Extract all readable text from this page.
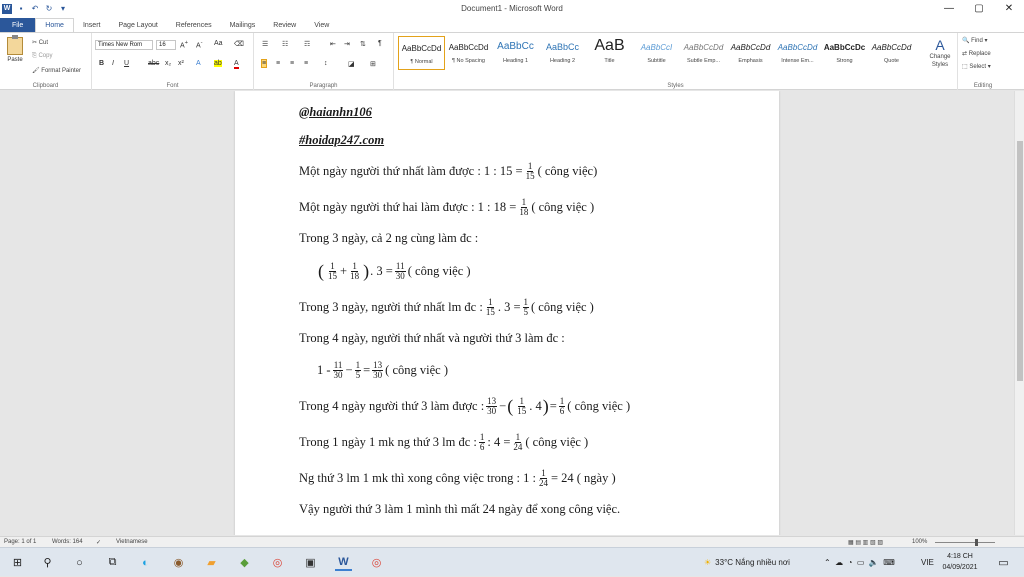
W	▪	↶ ↻	▾	Document1 - Microsoft Word	—	▢	✕
File	Home	Insert	Page Layout	References	Mailings	Review	View
Paste
✂ Cut
⎘ Copy
🖌 Format Painter
Clipboard
Times New Rom	16	A+ A- Aa ⌫
B I U	abc x₂ x² A ab A
Font
☰ ☷ ☶	⇤ ⇥ ⇅ ¶
≡ ≡ ≡ ≡ ↕	◪ ⊞
Paragraph	Styles
AaBbCcDd
¶ Normal
AaBbCcDd
¶ No Spacing
AaBbCc
Heading 1
AaBbCc
Heading 2
AaB
Title
AaBbCcI
Subtitle
AaBbCcDd
Subtle Emp...
AaBbCcDd
Emphasis
AaBbCcDd
Intense Em...
AaBbCcDc
Strong
AaBbCcDd
Quote
A
Change Styles
🔍 Find ▾
⇄ Replace
⬚ Select ▾
Editing
@haianhn106
#hoidap247.com
Một ngày người thứ nhất làm được : 1 : $15 = \frac{1}{15}$ ( công việc)
Một ngày người thứ hai làm được : 1 : $18 = \frac{1}{18}$ ( công việc )
Trong 3 ngày, cả 2 ng cùng làm đc :
( $\frac{1}{15} + \frac{1}{18}$ ) . $3 = \frac{11}{30}$ ( công việc )
Trong 3 ngày, người thứ nhất lm đc : $\frac{1}{15}$ . $3 = \frac{1}{5}$ ( công việc )
Trong 4 ngày, người thứ nhất và người thứ 3 làm đc :
$1 - \frac{11}{30} - \frac{1}{5} = \frac{13}{30}$ ( công việc )
Trong 4 ngày người thứ 3 làm được : $\frac{13}{30}$ − ( $\frac{1}{15}$ . 4 ) = $\frac{1}{6}$ ( công việc )
Trong 1 ngày 1 mk ng thứ 3 lm đc : $\frac{1}{6}$ : $4 = \frac{1}{24}$ ( công việc )
Ng thứ 3 lm 1 mk thì xong công việc trong : 1 : $\frac{1}{24} = 24$ ( ngày )
Vậy người thứ 3 làm 1 mình thì mất 24 ngày để xong công việc.
Page: 1 of 1	Words: 164 ✓ Vietnamese	▦ ▤ ▥ ▧ ▨	100%
⊞	⚲	○	⧉	◐	◉	▰	◆	◎	▣ W	◎	☀ 33°C Nắng nhiều nơi	⌃  ☁  ◔  ▭  🔈  ⌨	VIE
4:18 CH
04/09/2021	▭
